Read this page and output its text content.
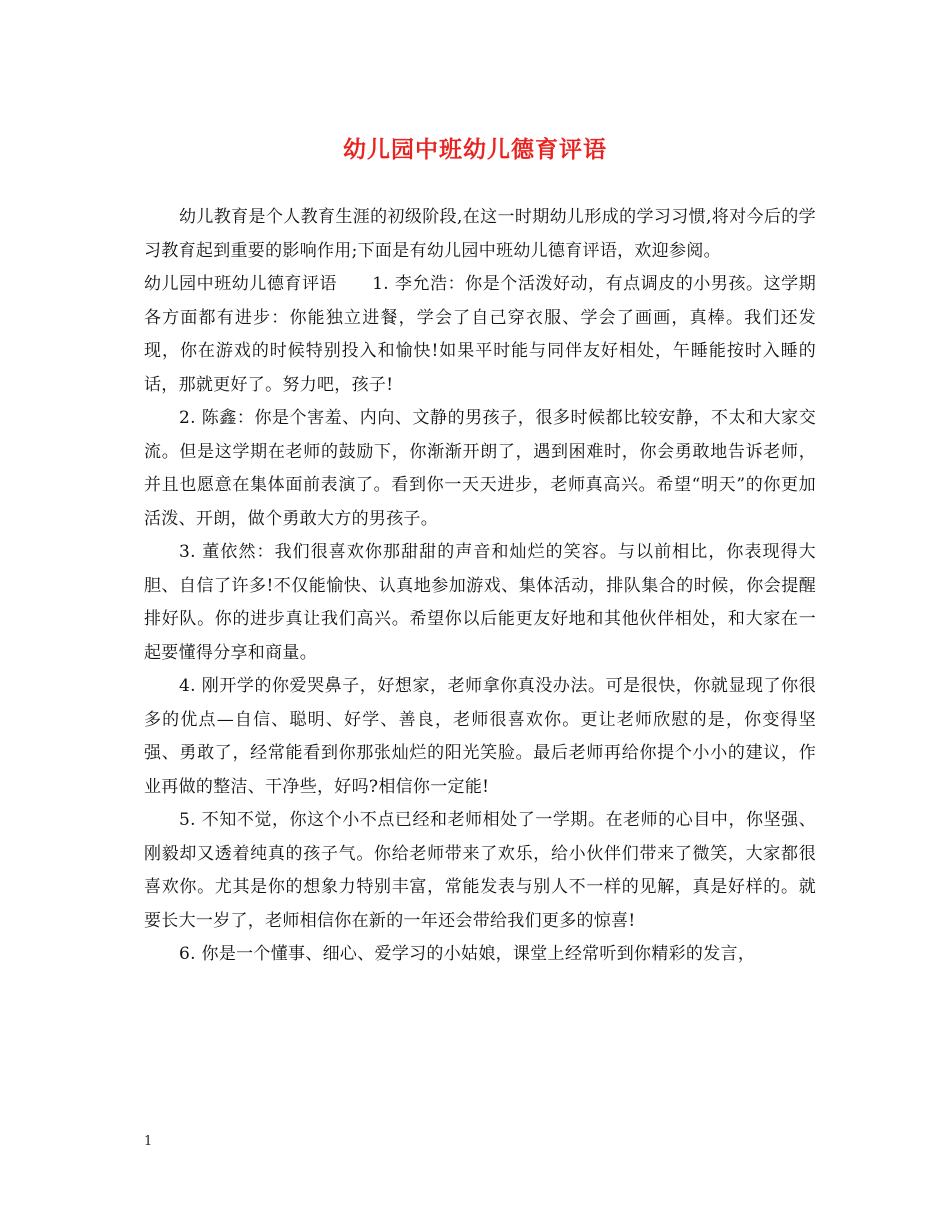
幼儿园中班幼儿德育评语

幼儿教育是个人教育生涯的初级阶段,在这一时期幼儿形成的学习习惯,将对今后的学习教育起到重要的影响作用;下面是有幼儿园中班幼儿德育评语，欢迎参阅。

幼儿园中班幼儿德育评语　　1. 李允浩：你是个活泼好动，有点调皮的小男孩。这学期各方面都有进步：你能独立进餐，学会了自己穿衣服、学会了画画，真棒。我们还发现，你在游戏的时候特别投入和愉快!如果平时能与同伴友好相处，午睡能按时入睡的话，那就更好了。努力吧，孩子!

2. 陈鑫：你是个害羞、内向、文静的男孩子，很多时候都比较安静，不太和大家交流。但是这学期在老师的鼓励下，你渐渐开朗了，遇到困难时，你会勇敢地告诉老师，并且也愿意在集体面前表演了。看到你一天天进步，老师真高兴。希望“明天”的你更加活泼、开朗，做个勇敢大方的男孩子。

3. 董依然：我们很喜欢你那甜甜的声音和灿烂的笑容。与以前相比，你表现得大胆、自信了许多!不仅能愉快、认真地参加游戏、集体活动，排队集合的时候，你会提醒排好队。你的进步真让我们高兴。希望你以后能更友好地和其他伙伴相处，和大家在一起要懂得分享和商量。

4. 刚开学的你爱哭鼻子，好想家，老师拿你真没办法。可是很快，你就显现了你很多的优点—自信、聪明、好学、善良，老师很喜欢你。更让老师欣慰的是，你变得坚强、勇敢了，经常能看到你那张灿烂的阳光笑脸。最后老师再给你提个小小的建议，作业再做的整洁、干净些，好吗?相信你一定能!

5. 不知不觉，你这个小不点已经和老师相处了一学期。在老师的心目中，你坚强、刚毅却又透着纯真的孩子气。你给老师带来了欢乐，给小伙伴们带来了微笑，大家都很喜欢你。尤其是你的想象力特别丰富，常能发表与别人不一样的见解，真是好样的。就要长大一岁了，老师相信你在新的一年还会带给我们更多的惊喜!

6. 你是一个懂事、细心、爱学习的小姑娘，课堂上经常听到你精彩的发言，

1
